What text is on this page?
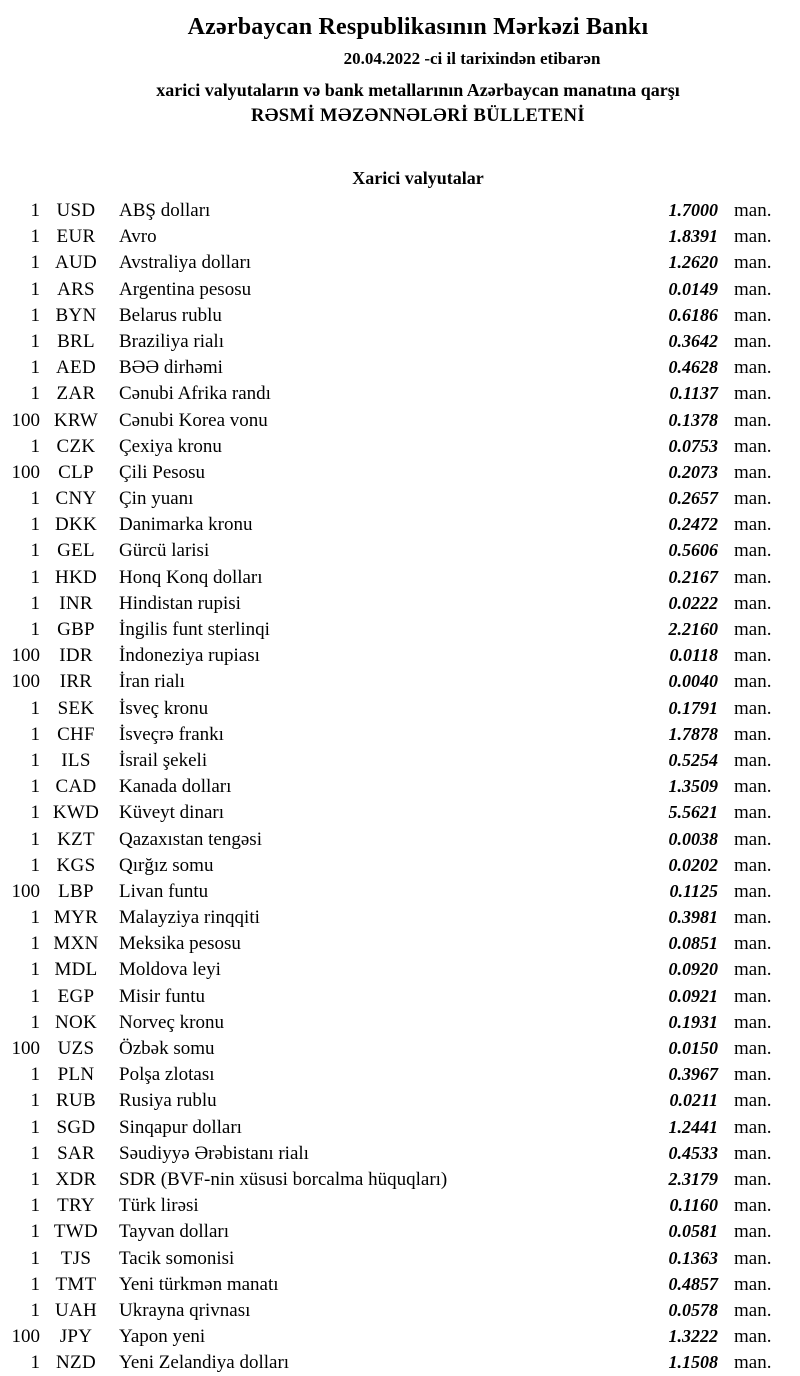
Azərbaycan Respublikasının Mərkəzi Bankı
20.04.2022 -ci il tarixindən etibarən
xarici valyutaların və bank metallarının Azərbaycan manatına qarşı
RƏSMİ MƏZƏNNƏLƏRİ BÜLLETENİ
Xarici valyutalar
1 USD	ABŞ dolları	1.7000 man.
1 EUR	Avro	1.8391 man.
1 AUD	Avstraliya dolları	1.2620 man.
1 ARS	Argentina pesosu	0.0149 man.
1 BYN	Belarus rublu	0.6186 man.
1 BRL	Braziliya rialı	0.3642 man.
1 AED	BƏƏ dirhəmi	0.4628 man.
1 ZAR	Cənubi Afrika randı	0.1137 man.
100 KRW	Cənubi Korea vonu	0.1378 man.
1 CZK	Çexiya kronu	0.0753 man.
100 CLP	Çili Pesosu	0.2073 man.
1 CNY	Çin yuanı	0.2657 man.
1 DKK	Danimarka kronu	0.2472 man.
1 GEL	Gürcü larisi	0.5606 man.
1 HKD	Honq Konq dolları	0.2167 man.
1	INR	Hindistan rupisi	0.0222 man.
1 GBP	İngilis funt sterlinqi	2.2160 man.
100	IDR	İndoneziya rupiası	0.0118 man.
100	IRR	İran rialı	0.0040 man.
1 SEK	İsveç kronu	0.1791 man.
1 CHF	İsveçrə frankı	1.7878 man.
1	ILS	İsrail şekeli	0.5254 man.
1 CAD	Kanada dolları	1.3509 man.
1 KWD	Küveyt dinarı	5.5621 man.
1 KZT	Qazaxıstan tengəsi	0.0038 man.
1 KGS	Qırğız somu	0.0202 man.
100 LBP	Livan funtu	0.1125 man.
1 MYR	Malayziya rinqqiti	0.3981 man.
1 MXN	Meksika pesosu	0.0851 man.
1 MDL	Moldova leyi	0.0920 man.
1 EGP	Misir funtu	0.0921 man.
1 NOK	Norveç kronu	0.1931 man.
100 UZS	Özbək somu	0.0150 man.
1 PLN	Polşa zlotası	0.3967 man.
1 RUB	Rusiya rublu	0.0211 man.
1 SGD	Sinqapur dolları	1.2441 man.
1 SAR	Səudiyyə Ərəbistanı rialı	0.4533 man.
1 XDR	SDR (BVF-nin xüsusi borcalma hüquqları)	2.3179 man.
1 TRY	Türk lirəsi	0.1160 man.
1 TWD	Tayvan dolları	0.0581 man.
1	TJS	Tacik somonisi	0.1363 man.
1 TMT	Yeni türkmən manatı	0.4857 man.
1 UAH	Ukrayna qrivnası	0.0578 man.
100	JPY	Yapon yeni	1.3222 man.
1 NZD	Yeni Zelandiya dolları	1.1508 man.
